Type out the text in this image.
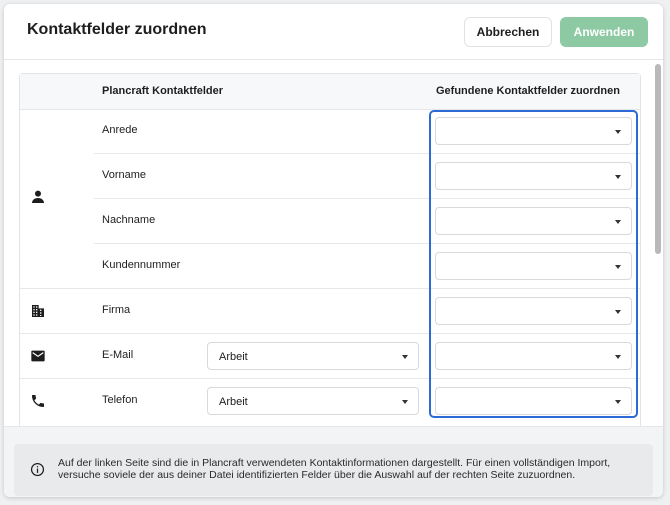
Kontaktfelder zuordnen	Abbrechen	Anwenden
Plancraft Kontaktfelder	Gefundene Kontaktfelder zuordnen
Anrede
Vorname
Nachname
Kundennummer
Firma
E-Mail	Arbeit
Telefon	Arbeit
Auf der linken Seite sind die in Plancraft verwendeten Kontaktinformationen dargestellt. Für einen vollständigen Import, versuche soviele der aus deiner Datei identifizierten Felder über die Auswahl auf der rechten Seite zuzuordnen.
